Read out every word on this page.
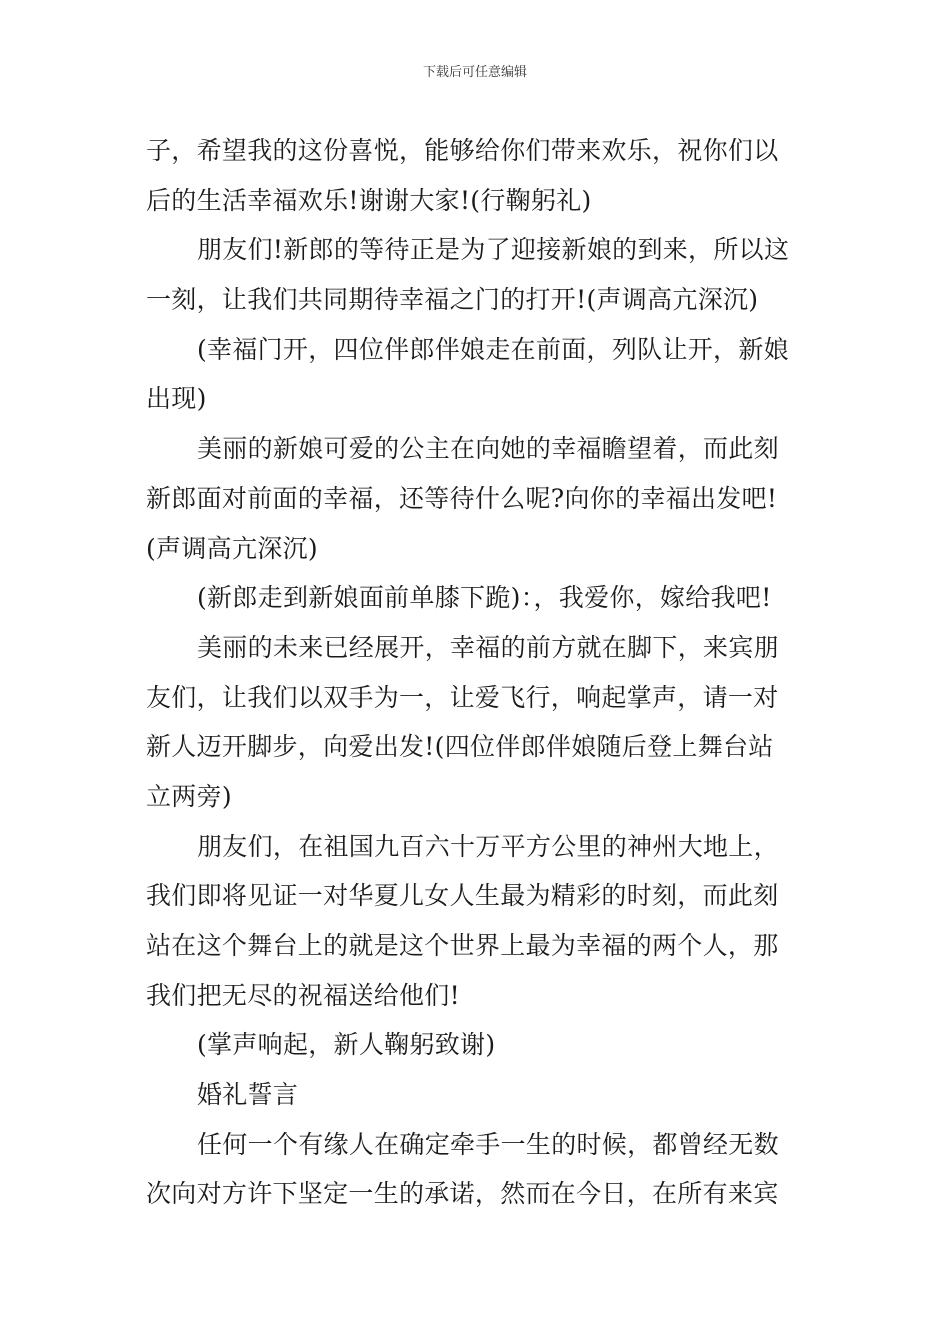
下载后可任意编辑
子，希望我的这份喜悦，能够给你们带来欢乐，祝你们以
后的生活幸福欢乐!谢谢大家!(行鞠躬礼)
朋友们!新郎的等待正是为了迎接新娘的到来，所以这
一刻，让我们共同期待幸福之门的打开!(声调高亢深沉)
(幸福门开，四位伴郎伴娘走在前面，列队让开，新娘
出现)
美丽的新娘可爱的公主在向她的幸福瞻望着，而此刻
新郎面对前面的幸福，还等待什么呢?向你的幸福出发吧!
(声调高亢深沉)
(新郎走到新娘面前单膝下跪)：，我爱你，嫁给我吧!
美丽的未来已经展开，幸福的前方就在脚下，来宾朋
友们，让我们以双手为一，让爱飞行，响起掌声，请一对
新人迈开脚步，向爱出发!(四位伴郎伴娘随后登上舞台站
立两旁)
朋友们，在祖国九百六十万平方公里的神州大地上，
我们即将见证一对华夏儿女人生最为精彩的时刻，而此刻
站在这个舞台上的就是这个世界上最为幸福的两个人，那
我们把无尽的祝福送给他们!
(掌声响起，新人鞠躬致谢)
婚礼誓言
任何一个有缘人在确定牵手一生的时候，都曾经无数
次向对方许下坚定一生的承诺，然而在今日，在所有来宾
